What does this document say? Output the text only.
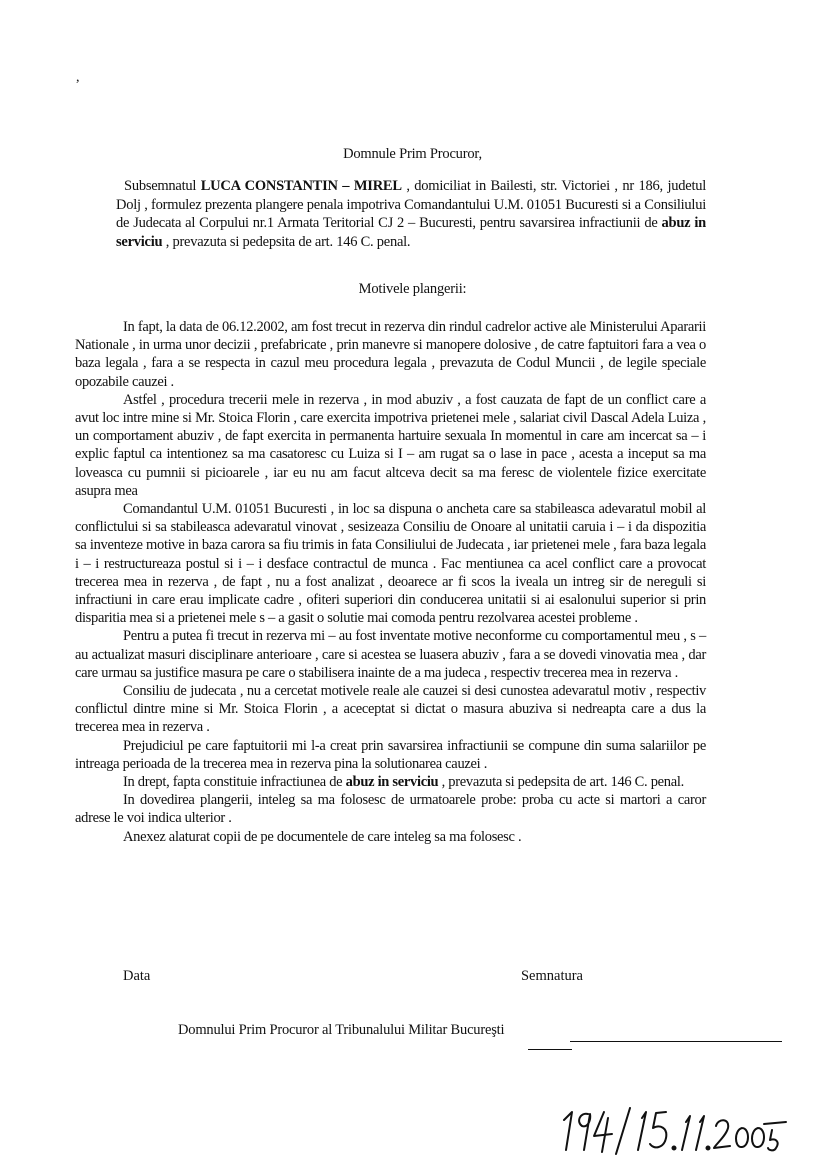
,
Domnule Prim Procuror,

Subsemnatul LUCA CONSTANTIN – MIREL , domiciliat in Bailesti, str. Victoriei , nr 186, judetul Dolj , formulez prezenta plangere penala impotriva Comandantului U.M. 01051 Bucuresti si a Consiliului de Judecata al Corpului nr.1 Armata Teritorial CJ 2 – Bucuresti, pentru savarsirea infractiunii de abuz in serviciu , prevazuta si pedepsita de art. 146 C. penal.

Motivele plangerii:

In fapt, la data de 06.12.2002, am fost trecut in rezerva din rindul cadrelor active ale Ministerului Apararii Nationale , in urma unor decizii , prefabricate , prin manevre si manopere dolosive , de catre faptuitori fara a vea o baza legala , fara a se respecta in cazul meu procedura legala , prevazuta de Codul Muncii , de legile speciale opozabile cauzei .

Astfel , procedura trecerii mele in rezerva , in mod abuziv , a fost cauzata de fapt de un conflict care a avut loc intre mine si Mr. Stoica Florin , care exercita impotriva prietenei mele , salariat civil Dascal Adela Luiza , un comportament abuziv , de fapt exercita in permanenta hartuire sexuala In momentul in care am incercat sa – i explic faptul ca intentionez sa ma casatoresc cu Luiza si I – am rugat sa o lase in pace , acesta a inceput sa ma loveasca cu pumnii si picioarele , iar eu nu am facut altceva decit sa ma feresc de violentele fizice exercitate asupra mea

Comandantul U.M. 01051 Bucuresti , in loc sa dispuna o ancheta care sa stabileasca adevaratul mobil al conflictului si sa stabileasca adevaratul vinovat , sesizeaza Consiliu de Onoare al unitatii caruia i – i da dispozitia sa inventeze motive in baza carora sa fiu trimis in fata Consiliului de Judecata , iar prietenei mele , fara baza legala i – i restructureaza postul si i – i desface contractul de munca . Fac mentiunea ca acel conflict care a provocat trecerea mea in rezerva , de fapt , nu a fost analizat , deoarece ar fi scos la iveala un intreg sir de nereguli si infractiuni in care erau implicate cadre , ofiteri superiori din conducerea unitatii si ai esalonului superior si prin disparitia mea si a prietenei mele s – a gasit o solutie mai comoda pentru rezolvarea acestei probleme .

Pentru a putea fi trecut in rezerva mi – au fost inventate motive neconforme cu comportamentul meu , s – au actualizat masuri disciplinare anterioare , care si acestea se luasera abuziv , fara a se dovedi vinovatia mea , dar care urmau sa justifice masura pe care o stabilisera inainte de a ma judeca , respectiv trecerea mea in rezerva .

Consiliu de judecata , nu a cercetat motivele reale ale cauzei si desi cunostea adevaratul motiv , respectiv conflictul dintre mine si Mr. Stoica Florin , a aceceptat si dictat o masura abuziva si nedreapta care a dus la trecerea mea in rezerva .

Prejudiciul pe care faptuitorii mi l-a creat prin savarsirea infractiunii se compune din suma salariilor pe intreaga perioada de la trecerea mea in rezerva pina la solutionarea cauzei .

In drept, fapta constituie infractiunea de abuz in serviciu , prevazuta si pedepsita de art. 146 C. penal.

In dovedirea plangerii, inteleg sa ma folosesc de urmatoarele probe: proba cu acte si martori a caror adrese le voi indica ulterior .

Anexez alaturat copii de pe documentele de care inteleg sa ma folosesc .

Data	Semnatura
Domnului Prim Procuror al Tribunalului Militar Bucureşti
